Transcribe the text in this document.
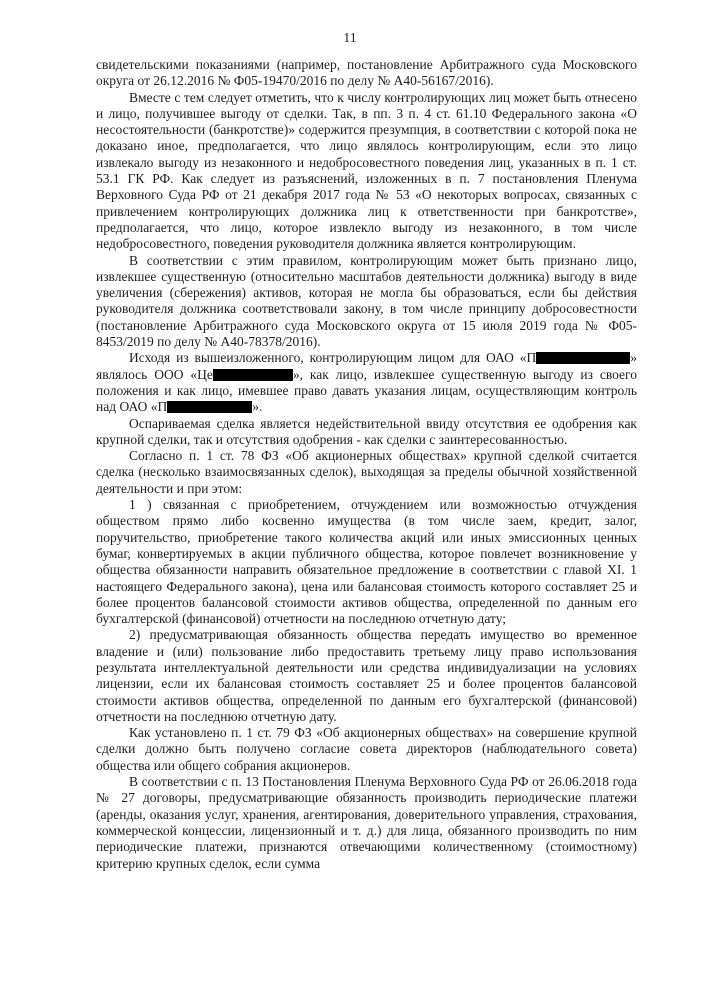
11

свидетельскими показаниями (например, постановление Арбитражного суда Московского округа от 26.12.2016 № Ф05-19470/2016 по делу № А40-56167/2016).

Вместе с тем следует отметить, что к числу контролирующих лиц может быть отнесено и лицо, получившее выгоду от сделки. Так, в пп. 3 п. 4 ст. 61.10 Федерального закона «О несостоятельности (банкротстве)» содержится презумпция, в соответствии с которой пока не доказано иное, предполагается, что лицо являлось контролирующим, если это лицо извлекало выгоду из незаконного и недобросовестного поведения лиц, указанных в п. 1 ст. 53.1 ГК РФ. Как следует из разъяснений, изложенных в п. 7 постановления Пленума Верховного Суда РФ от 21 декабря 2017 года № 53 «О некоторых вопросах, связанных с привлечением контролирующих должника лиц к ответственности при банкротстве», предполагается, что лицо, которое извлекло выгоду из незаконного, в том числе недобросовестного, поведения руководителя должника является контролирующим.

В соответствии с этим правилом, контролирующим может быть признано лицо, извлекшее существенную (относительно масштабов деятельности должника) выгоду в виде увеличения (сбережения) активов, которая не могла бы образоваться, если бы действия руководителя должника соответствовали закону, в том числе принципу добросовестности (постановление Арбитражного суда Московского округа от 15 июля 2019 года № Ф05-8453/2019 по делу № А40-78378/2016).

Исходя из вышеизложенного, контролирующим лицом для ОАО «П	» являлось ООО «Це	», как лицо, извлекшее существенную выгоду из своего положения и как лицо, имевшее право давать указания лицам, осуществляющим контроль над ОАО «П	».

Оспариваемая сделка является недействительной ввиду отсутствия ее одобрения как крупной сделки, так и отсутствия одобрения - как сделки с заинтересованностью.

Согласно п. 1 ст. 78 ФЗ «Об акционерных обществах» крупной сделкой считается сделка (несколько взаимосвязанных сделок), выходящая за пределы обычной хозяйственной деятельности и при этом:

1 ) связанная с приобретением, отчуждением или возможностью отчуждения обществом прямо либо косвенно имущества (в том числе заем, кредит, залог, поручительство, приобретение такого количества акций или иных эмиссионных ценных бумаг, конвертируемых в акции публичного общества, которое повлечет возникновение у общества обязанности направить обязательное предложение в соответствии с главой XI. 1 настоящего Федерального закона), цена или балансовая стоимость которого составляет 25 и более процентов балансовой стоимости активов общества, определенной по данным его бухгалтерской (финансовой) отчетности на последнюю отчетную дату;

2) предусматривающая обязанность общества передать имущество во временное владение и (или) пользование либо предоставить третьему лицу право использования результата интеллектуальной деятельности или средства индивидуализации на условиях лицензии, если их балансовая стоимость составляет 25 и более процентов балансовой стоимости активов общества, определенной по данным его бухгалтерской (финансовой) отчетности на последнюю отчетную дату.

Как установлено п. 1 ст. 79 ФЗ «Об акционерных обществах» на совершение крупной сделки должно быть получено согласие совета директоров (наблюдательного совета) общества или общего собрания акционеров.

В соответствии с п. 13 Постановления Пленума Верховного Суда РФ от 26.06.2018 года № 27 договоры, предусматривающие обязанность производить периодические платежи (аренды, оказания услуг, хранения, агентирования, доверительного управления, страхования, коммерческой концессии, лицензионный и т. д.) для лица, обязанного производить по ним периодические платежи, признаются отвечающими количественному (стоимостному) критерию крупных сделок, если сумма
